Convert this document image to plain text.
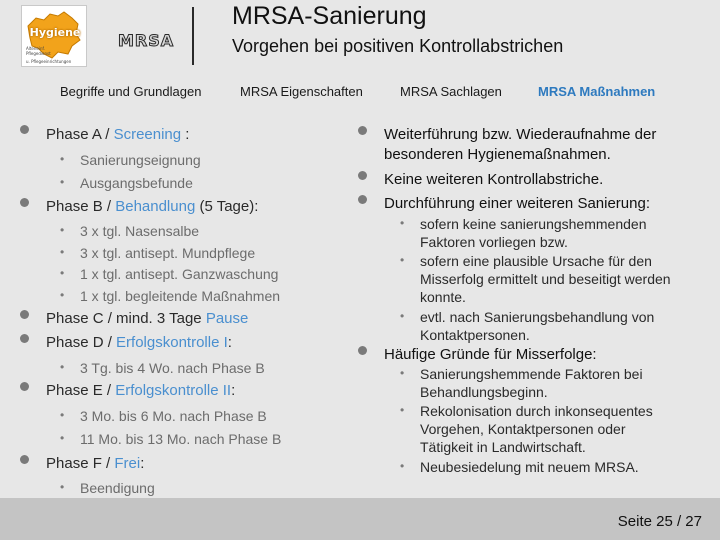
Hygiene
Alteneinf.
Pflegedienst
u. Pflegeeinrichtungen
MRSA
MRSA-Sanierung
Vorgehen bei positiven Kontrollabstrichen
Begriffe und Grundlagen	MRSA Eigenschaften	MRSA Sachlagen	MRSA Maßnahmen
Phase A / Screening :
• Sanierungseignung
• Ausgangsbefunde
Phase B / Behandlung (5 Tage):
• 3 x tgl. Nasensalbe
• 3 x tgl. antisept. Mundpflege
• 1 x tgl. antisept. Ganzwaschung
• 1 x tgl. begleitende Maßnahmen
Phase C / mind. 3 Tage Pause
Phase D / Erfolgskontrolle I:
• 3 Tg. bis 4 Wo. nach Phase B
Phase E / Erfolgskontrolle II:
• 3 Mo. bis 6 Mo. nach Phase B
• 11 Mo. bis 13 Mo. nach Phase B
Phase F / Frei:
• Beendigung
Weiterführung bzw. Wiederaufnahme der
besonderen Hygienemaßnahmen.
Keine weiteren Kontrollabstriche.
Durchführung einer weiteren Sanierung:
• sofern keine sanierungshemmenden
Faktoren vorliegen bzw.
• sofern eine plausible Ursache für den
Misserfolg ermittelt und beseitigt werden
konnte.
• evtl. nach Sanierungsbehandlung von
Kontaktpersonen.
Häufige Gründe für Misserfolge:
• Sanierungshemmende Faktoren bei
Behandlungsbeginn.
• Rekolonisation durch inkonsequentes
Vorgehen, Kontaktpersonen oder
Tätigkeit in Landwirtschaft.
• Neubesiedelung mit neuem MRSA.
Seite 25 / 27
